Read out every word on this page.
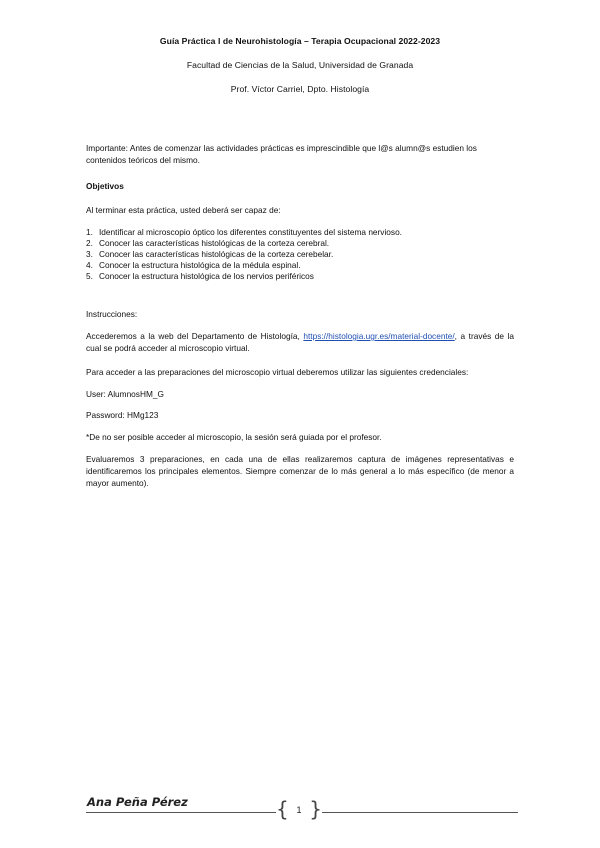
Guía Práctica I de Neurohistología – Terapia Ocupacional 2022-2023
Facultad de Ciencias de la Salud, Universidad de Granada
Prof. Víctor Carriel, Dpto. Histología
Importante: Antes de comenzar las actividades prácticas es imprescindible que l@s alumn@s estudien los contenidos teóricos del mismo.
Objetivos
Al terminar esta práctica, usted deberá ser capaz de:
1. Identificar al microscopio óptico los diferentes constituyentes del sistema nervioso.
2. Conocer las características histológicas de la corteza cerebral.
3. Conocer las características histológicas de la corteza cerebelar.
4. Conocer la estructura histológica de la médula espinal.
5. Conocer la estructura histológica de los nervios periféricos
Instrucciones:
Accederemos a la web del Departamento de Histología, https://histologia.ugr.es/material-docente/, a través de la cual se podrá acceder al microscopio virtual.
Para acceder a las preparaciones del microscopio virtual deberemos utilizar las siguientes credenciales:
User: AlumnosHM_G
Password: HMg123
*De no ser posible acceder al microscopio, la sesión será guiada por el profesor.
Evaluaremos 3 preparaciones, en cada una de ellas realizaremos captura de imágenes representativas e identificaremos los principales elementos. Siempre comenzar de lo más general a lo más específico (de menor a mayor aumento).
Ana Peña Pérez	{ 1 }
